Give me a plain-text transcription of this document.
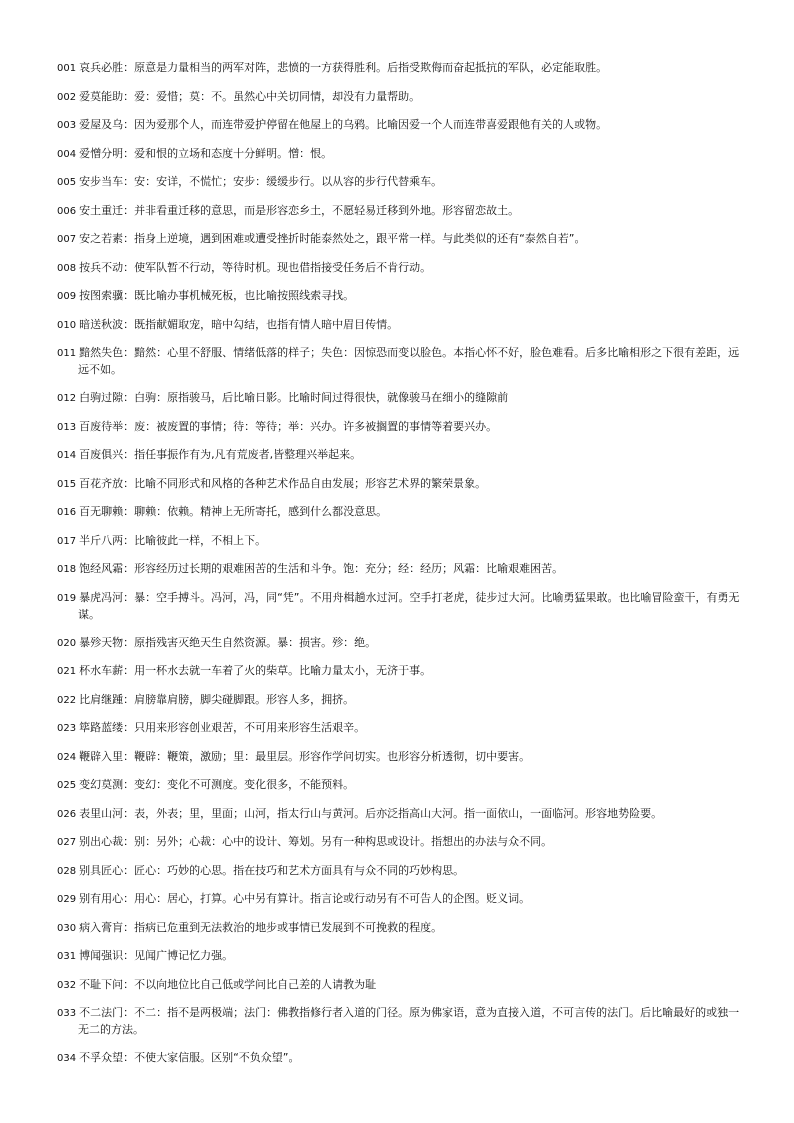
001 哀兵必胜：原意是力量相当的两军对阵，悲愤的一方获得胜利。后指受欺侮而奋起抵抗的军队，必定能取胜。
002 爱莫能助：爱：爱惜；莫：不。虽然心中关切同情，却没有力量帮助。
003 爱屋及乌：因为爱那个人，而连带爱护停留在他屋上的乌鸦。比喻因爱一个人而连带喜爱跟他有关的人或物。
004 爱憎分明：爱和恨的立场和态度十分鲜明。憎：恨。
005 安步当车：安：安详，不慌忙；安步：缓缓步行。以从容的步行代替乘车。
006 安土重迁：并非看重迁移的意思，而是形容恋乡土，不愿轻易迁移到外地。形容留恋故土。
007 安之若素：指身上逆境，遇到困难或遭受挫折时能泰然处之，跟平常一样。与此类似的还有“泰然自若”。
008 按兵不动：使军队暂不行动，等待时机。现也借指接受任务后不肯行动。
009 按图索骥：既比喻办事机械死板，也比喻按照线索寻找。
010 暗送秋波：既指献媚取宠，暗中勾结，也指有情人暗中眉目传情。
011 黯然失色：黯然：心里不舒服、情绪低落的样子；失色：因惊恐而变以脸色。本指心怀不好，脸色难看。后多比喻相形之下很有差距，远远不如。
012 白驹过隙：白驹：原指骏马，后比喻日影。比喻时间过得很快，就像骏马在细小的缝隙前
013 百废待举：废：被废置的事情；待：等待；举：兴办。许多被搁置的事情等着要兴办。
014 百废俱兴：指任事振作有为,凡有荒废者,皆整理兴举起来。
015 百花齐放：比喻不同形式和风格的各种艺术作品自由发展；形容艺术界的繁荣景象。
016 百无聊赖：聊赖：依赖。精神上无所寄托，感到什么都没意思。
017 半斤八两：比喻彼此一样，不相上下。
018 饱经风霜：形容经历过长期的艰难困苦的生活和斗争。饱：充分；经：经历；风霜：比喻艰难困苦。
019 暴虎冯河：暴：空手搏斗。冯河，冯，同“凭”。不用舟楫趟水过河。空手打老虎，徒步过大河。比喻勇猛果敢。也比喻冒险蛮干，有勇无谋。
020 暴殄天物：原指残害灭绝天生自然资源。暴：损害。殄：绝。
021 杯水车薪：用一杯水去就一车着了火的柴草。比喻力量太小，无济于事。
022 比肩继踵：肩膀靠肩膀，脚尖碰脚跟。形容人多，拥挤。
023 筚路蓝缕：只用来形容创业艰苦，不可用来形容生活艰辛。
024 鞭辟入里：鞭辟：鞭策，激励；里：最里层。形容作学问切实。也形容分析透彻，切中要害。
025 变幻莫测：变幻：变化不可测度。变化很多，不能预料。
026 表里山河：表，外表；里，里面；山河，指太行山与黄河。后亦泛指高山大河。指一面依山，一面临河。形容地势险要。
027 别出心裁：别：另外；心裁：心中的设计、筹划。另有一种构思或设计。指想出的办法与众不同。
028 别具匠心：匠心：巧妙的心思。指在技巧和艺术方面具有与众不同的巧妙构思。
029 别有用心：用心：居心，打算。心中另有算计。指言论或行动另有不可告人的企图。贬义词。
030 病入膏肓：指病已危重到无法救治的地步或事情已发展到不可挽救的程度。
031 博闻强识：见闻广博记忆力强。
032 不耻下问：不以向地位比自己低或学问比自己差的人请教为耻
033 不二法门：不二：指不是两极端；法门：佛教指修行者入道的门径。原为佛家语，意为直接入道，不可言传的法门。后比喻最好的或独一无二的方法。
034 不孚众望：不使大家信服。区别“不负众望”。
